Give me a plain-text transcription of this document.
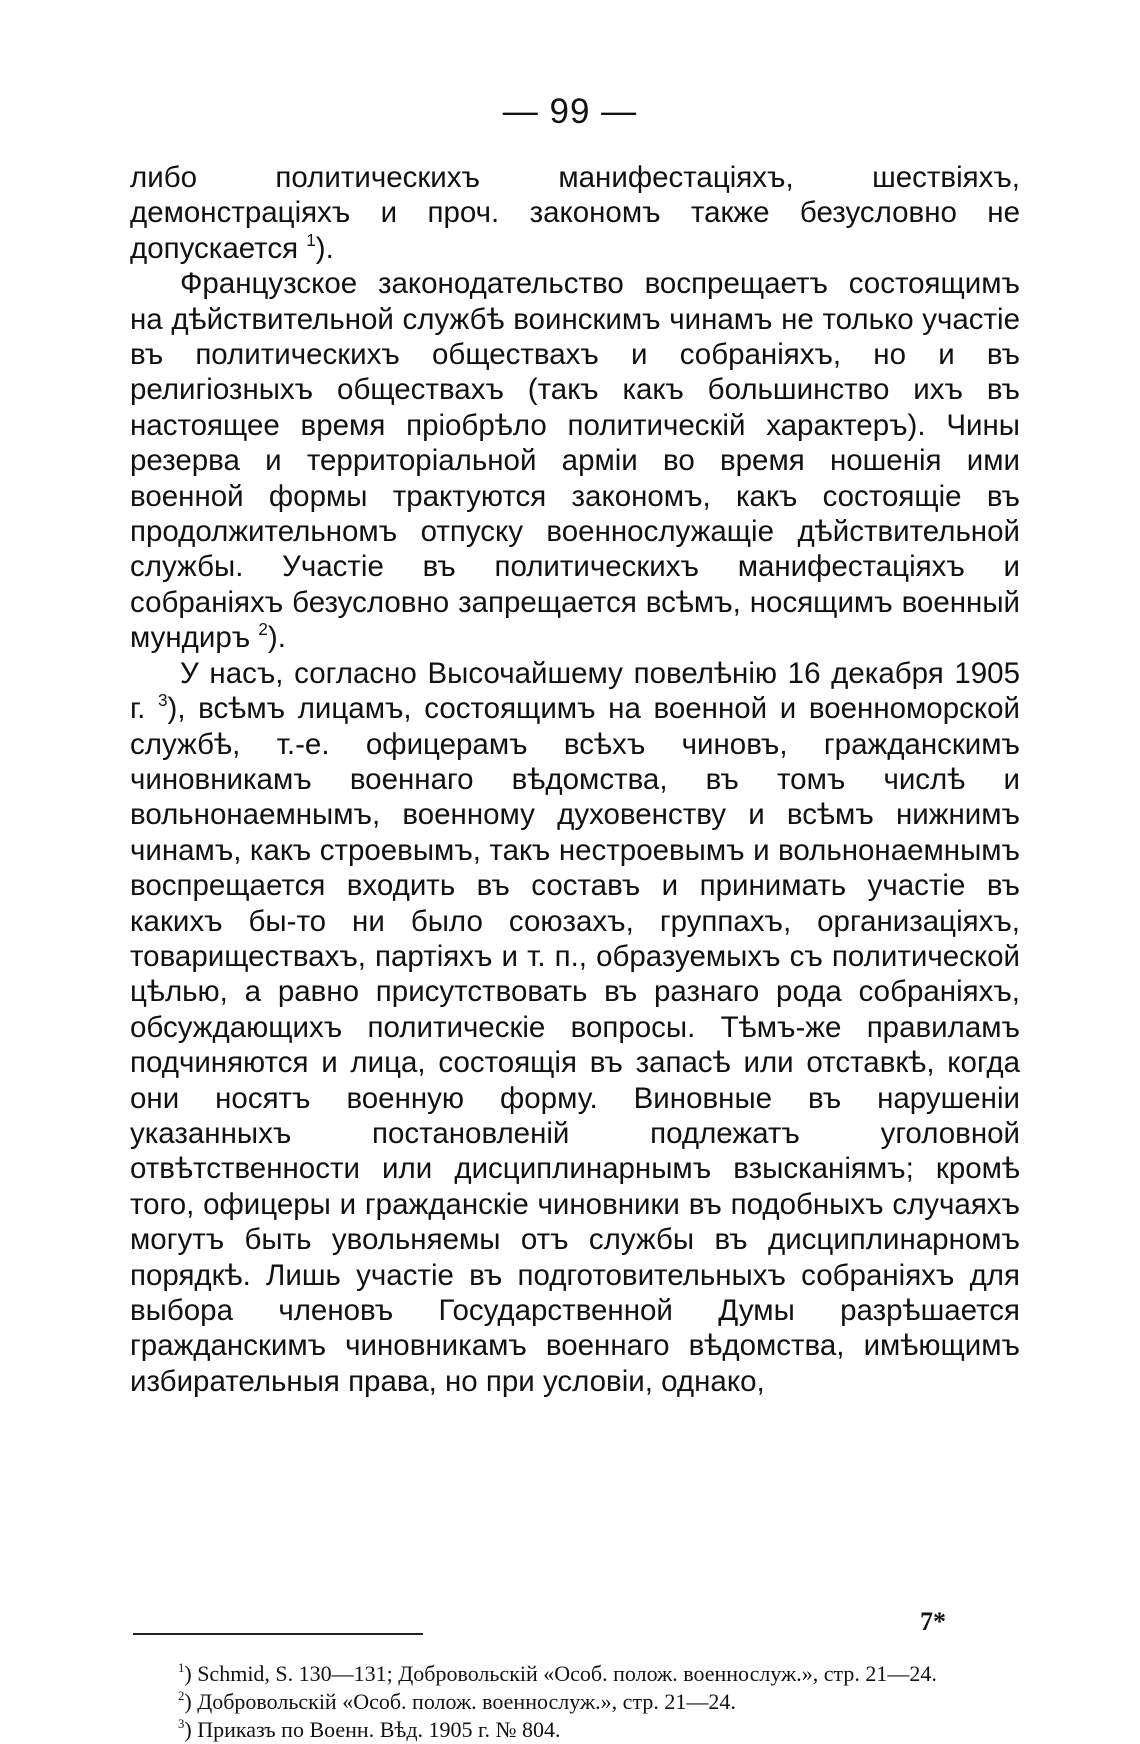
— 99 —

либо политическихъ манифестацiяхъ, шествiяхъ, демонстрацiяхъ и проч. закономъ также безусловно не допускается $^1$).

Французское законодательство воспрещаетъ состоящимъ на дѣйствительной службѣ воинскимъ чинамъ не только участiе въ политическихъ обществахъ и собранiяхъ, но и въ религiозныхъ обществахъ (такъ какъ большинство ихъ въ настоящее время прiобрѣло политическiй характеръ). Чины резерва и территорiальной армiи во время ношенiя ими военной формы трактуются закономъ, какъ состоящiе въ продолжительномъ отпуску военнослужащiе дѣйствительной службы. Участiе въ политическихъ манифестацiяхъ и собранiяхъ безусловно запрещается всѣмъ, носящимъ военный мундиръ $^2$).

У насъ, согласно Высочайшему повелѣнiю 16 декабря 1905 г. $^3$), всѣмъ лицамъ, состоящимъ на военной и военноморской службѣ, т.-е. офицерамъ всѣхъ чиновъ, гражданскимъ чиновникамъ военнаго вѣдомства, въ томъ числѣ и вольнонаемнымъ, военному духовенству и всѣмъ нижнимъ чинамъ, какъ строевымъ, такъ нестроевымъ и вольнонаемнымъ воспрещается входить въ составъ и принимать участiе въ какихъ бы-то ни было союзахъ, группахъ, организацiяхъ, товариществахъ, партiяхъ и т. п., образуемыхъ съ политической цѣлью, а равно присутствовать въ разнаго рода собранiяхъ, обсуждающихъ политическiе вопросы. Тѣмъ-же правиламъ подчиняются и лица, состоящiя въ запасѣ или отставкѣ, когда они носятъ военную форму. Виновные въ нарушенiи указанныхъ постановленiй подлежатъ уголовной отвѣтственности или дисциплинарнымъ взысканiямъ; кромѣ того, офицеры и гражданскiе чиновники въ подобныхъ случаяхъ могутъ быть увольняемы отъ службы въ дисциплинарномъ порядкѣ. Лишь участiе въ подготовительныхъ собранiяхъ для выбора членовъ Государственной Думы разрѣшается гражданскимъ чиновникамъ военнаго вѣдомства, имѣющимъ избирательныя права, но при условiи, однако,

7*

$^1$) Schmid, S. 130—131; Добровольскiй «Особ. полож. военнослуж.», стр. 21—24.

$^2$) Добровольскiй «Особ. полож. военнослуж.», стр. 21—24.

$^3$) Приказъ по Военн. Вѣд. 1905 г. № 804.
